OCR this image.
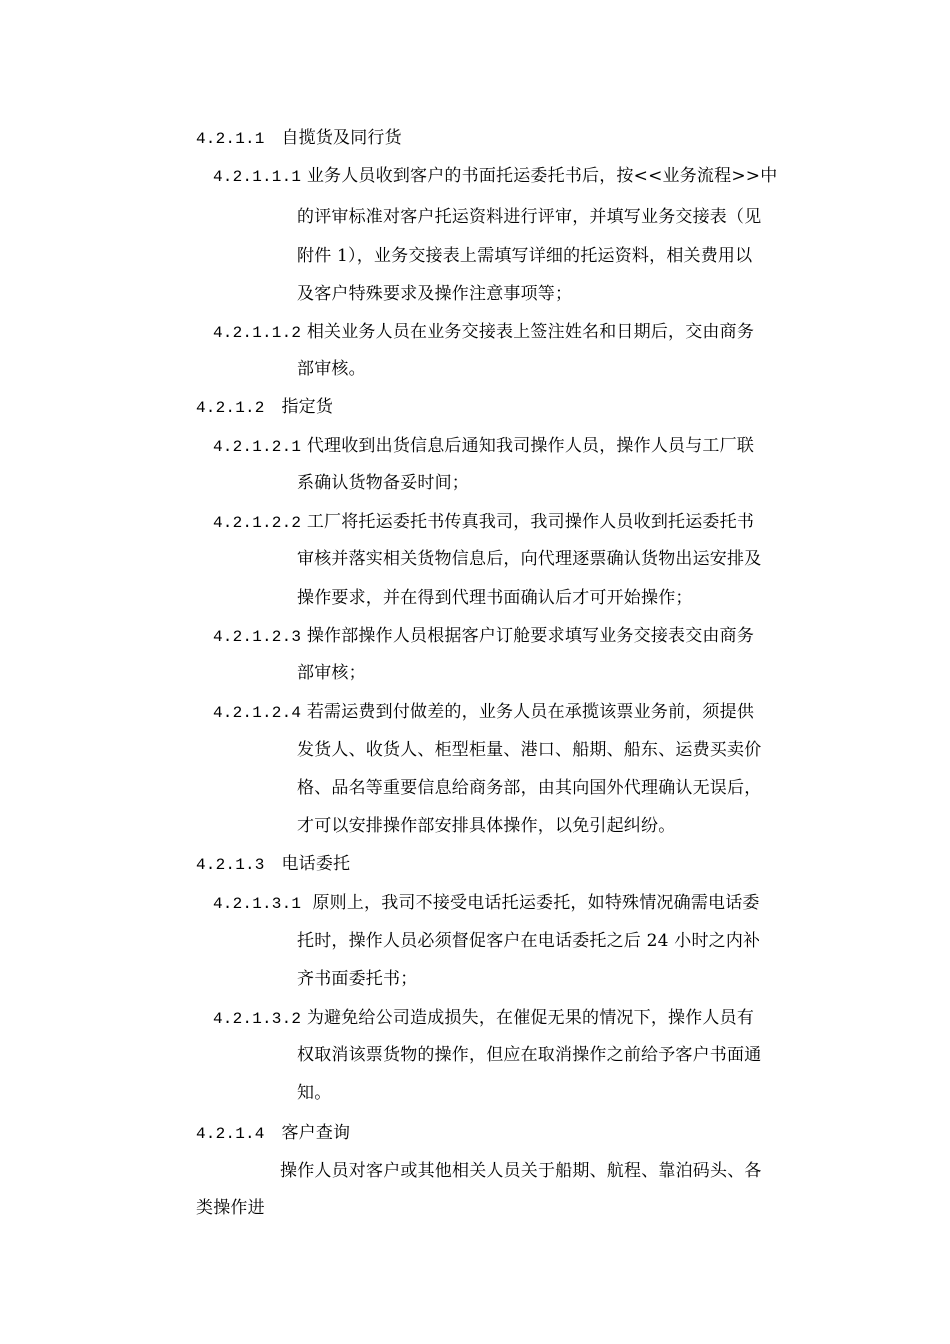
4.2.1.1 自揽货及同行货
4.2.1.1.1 业务人员收到客户的书面托运委托书后，按<<业务流程>>中
的评审标准对客户托运资料进行评审，并填写业务交接表（见
附件 1），业务交接表上需填写详细的托运资料，相关费用以
及客户特殊要求及操作注意事项等；
4.2.1.1.2 相关业务人员在业务交接表上签注姓名和日期后，交由商务
部审核。
4.2.1.2 指定货
4.2.1.2.1 代理收到出货信息后通知我司操作人员，操作人员与工厂联
系确认货物备妥时间；
4.2.1.2.2 工厂将托运委托书传真我司，我司操作人员收到托运委托书
审核并落实相关货物信息后，向代理逐票确认货物出运安排及
操作要求，并在得到代理书面确认后才可开始操作；
4.2.1.2.3 操作部操作人员根据客户订舱要求填写业务交接表交由商务
部审核；
4.2.1.2.4 若需运费到付做差的，业务人员在承揽该票业务前，须提供
发货人、收货人、柜型柜量、港口、船期、船东、运费买卖价
格、品名等重要信息给商务部，由其向国外代理确认无误后，
才可以安排操作部安排具体操作，以免引起纠纷。
4.2.1.3 电话委托
4.2.1.3.1 原则上，我司不接受电话托运委托，如特殊情况确需电话委
托时，操作人员必须督促客户在电话委托之后 24 小时之内补
齐书面委托书；
4.2.1.3.2 为避免给公司造成损失，在催促无果的情况下，操作人员有
权取消该票货物的操作，但应在取消操作之前给予客户书面通
知。
4.2.1.4 客户查询
操作人员对客户或其他相关人员关于船期、航程、靠泊码头、各
类操作进
